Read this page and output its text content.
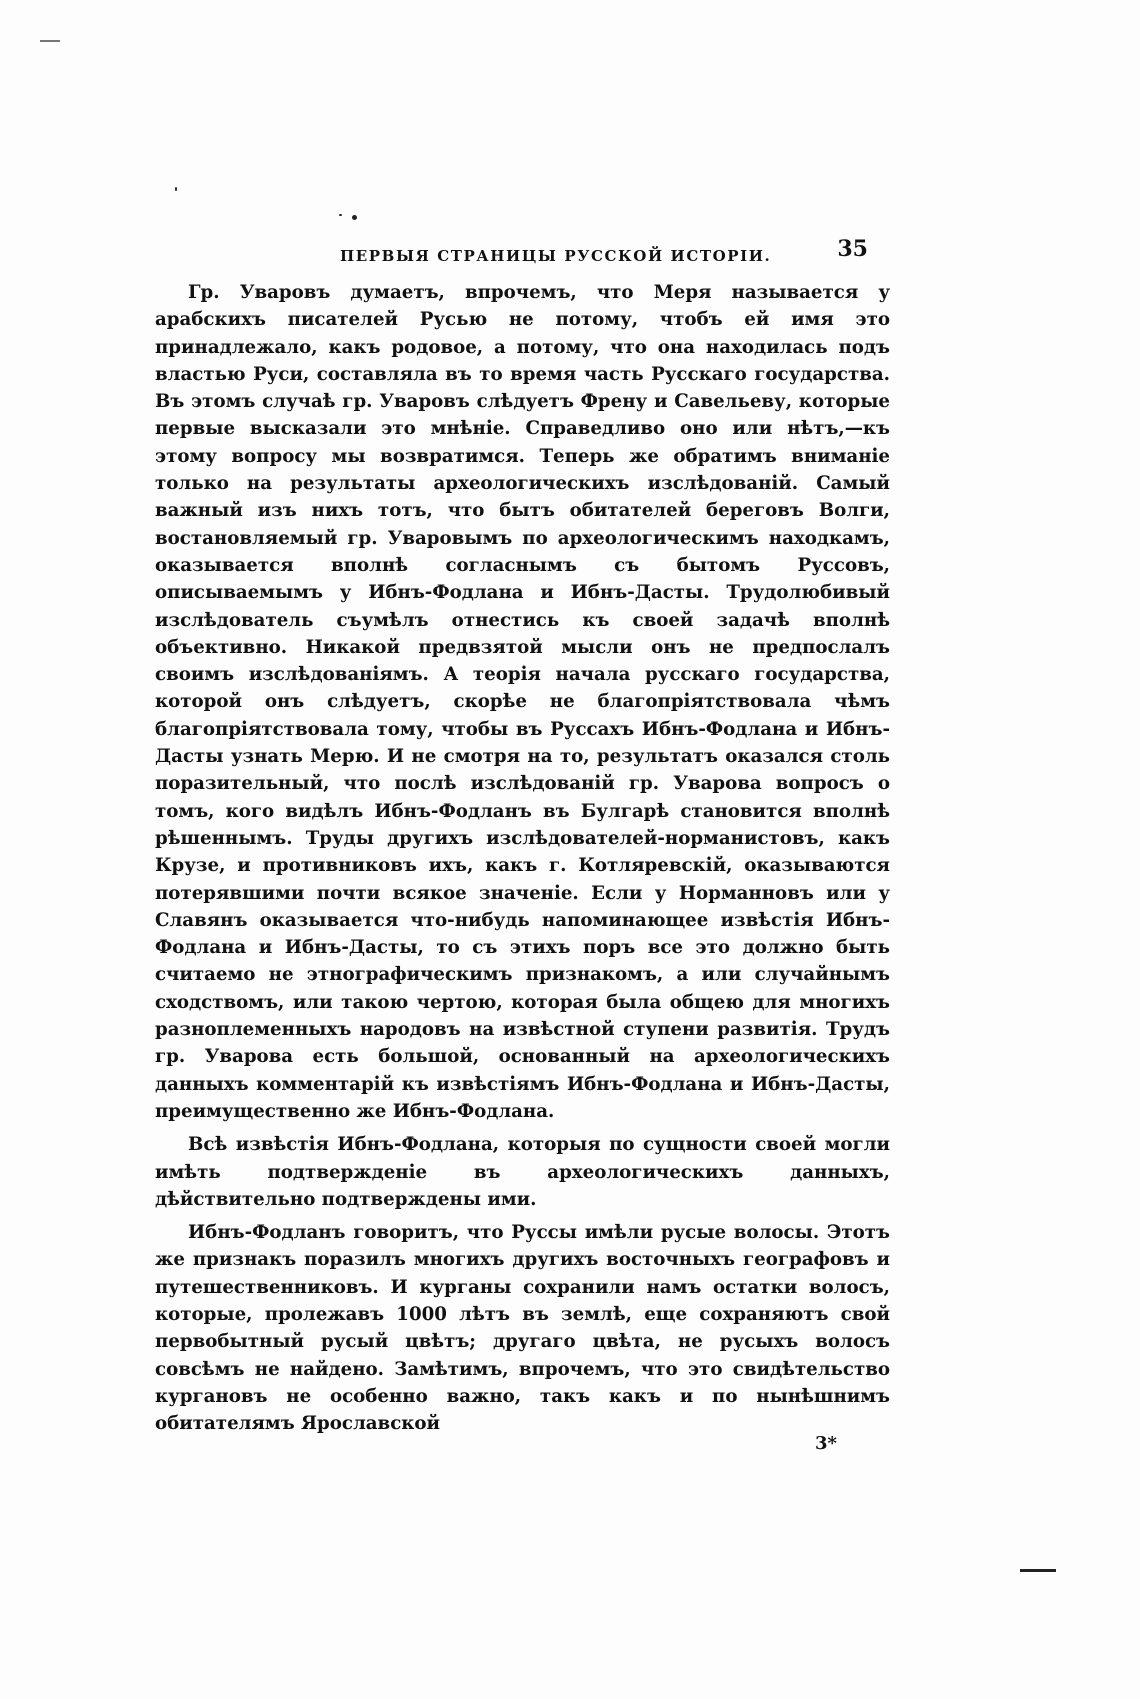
ПЕРВЫЯ СТРАНИЦЫ РУССКОЙ ИСТОРІИ.	35

Гр. Уваровъ думаетъ, впрочемъ, что Меря называется у арабскихъ писателей Русью не потому, чтобъ ей имя это принадлежало, какъ родовое, а потому, что она находилась подъ властью Руси, составляла въ то время часть Русскаго государства. Въ этомъ случаѣ гр. Уваровъ слѣдуетъ Френу и Савельеву, которые первые высказали это мнѣніе. Справедливо оно или нѣтъ,—къ этому вопросу мы возвратимся. Теперь же обратимъ вниманіе только на результаты археологическихъ изслѣдованій. Самый важный изъ нихъ тотъ, что бытъ обитателей береговъ Волги, востановляемый гр. Уваровымъ по археологическимъ находкамъ, оказывается вполнѣ согласнымъ съ бытомъ Руссовъ, описываемымъ у Ибнъ-Фодлана и Ибнъ-Дасты. Трудолюбивый изслѣдователь съумѣлъ отнестись къ своей задачѣ вполнѣ объективно. Никакой предвзятой мысли онъ не предпослалъ своимъ изслѣдованіямъ. А теорія начала русскаго государства, которой онъ слѣдуетъ, скорѣе не благопріятствовала чѣмъ благопріятствовала тому, чтобы въ Руссахъ Ибнъ-Фодлана и Ибнъ-Дасты узнать Мерю. И не смотря на то, результатъ оказался столь поразительный, что послѣ изслѣдованій гр. Уварова вопросъ о томъ, кого видѣлъ Ибнъ-Фодланъ въ Булгарѣ становится вполнѣ рѣшеннымъ. Труды другихъ изслѣдователей-норманистовъ, какъ Крузе, и противниковъ ихъ, какъ г. Котляревскій, оказываются потерявшими почти всякое значеніе. Если у Норманновъ или у Славянъ оказывается что-нибудь напоминающее извѣстія Ибнъ-Фодлана и Ибнъ-Дасты, то съ этихъ поръ все это должно быть считаемо не этнографическимъ признакомъ, а или случайнымъ сходствомъ, или такою чертою, которая была общею для многихъ разноплеменныхъ народовъ на извѣстной ступени развитія. Трудъ гр. Уварова есть большой, основанный на археологическихъ данныхъ комментарій къ извѣстіямъ Ибнъ-Фодлана и Ибнъ-Дасты, преимущественно же Ибнъ-Фодлана.

Всѣ извѣстія Ибнъ-Фодлана, которыя по сущности своей могли имѣть подтвержденіе въ археологическихъ данныхъ, дѣйствительно подтверждены ими.

Ибнъ-Фодланъ говоритъ, что Руссы имѣли русые волосы. Этотъ же признакъ поразилъ многихъ другихъ восточныхъ географовъ и путешественниковъ. И курганы сохранили намъ остатки волосъ, которые, пролежавъ 1000 лѣтъ въ землѣ, еще сохраняютъ свой первобытный русый цвѣтъ; другаго цвѣта, не русыхъ волосъ совсѣмъ не найдено. Замѣтимъ, впрочемъ, что это свидѣтельство кургановъ не особенно важно, такъ какъ и по нынѣшнимъ обитателямъ Ярославской

3*
